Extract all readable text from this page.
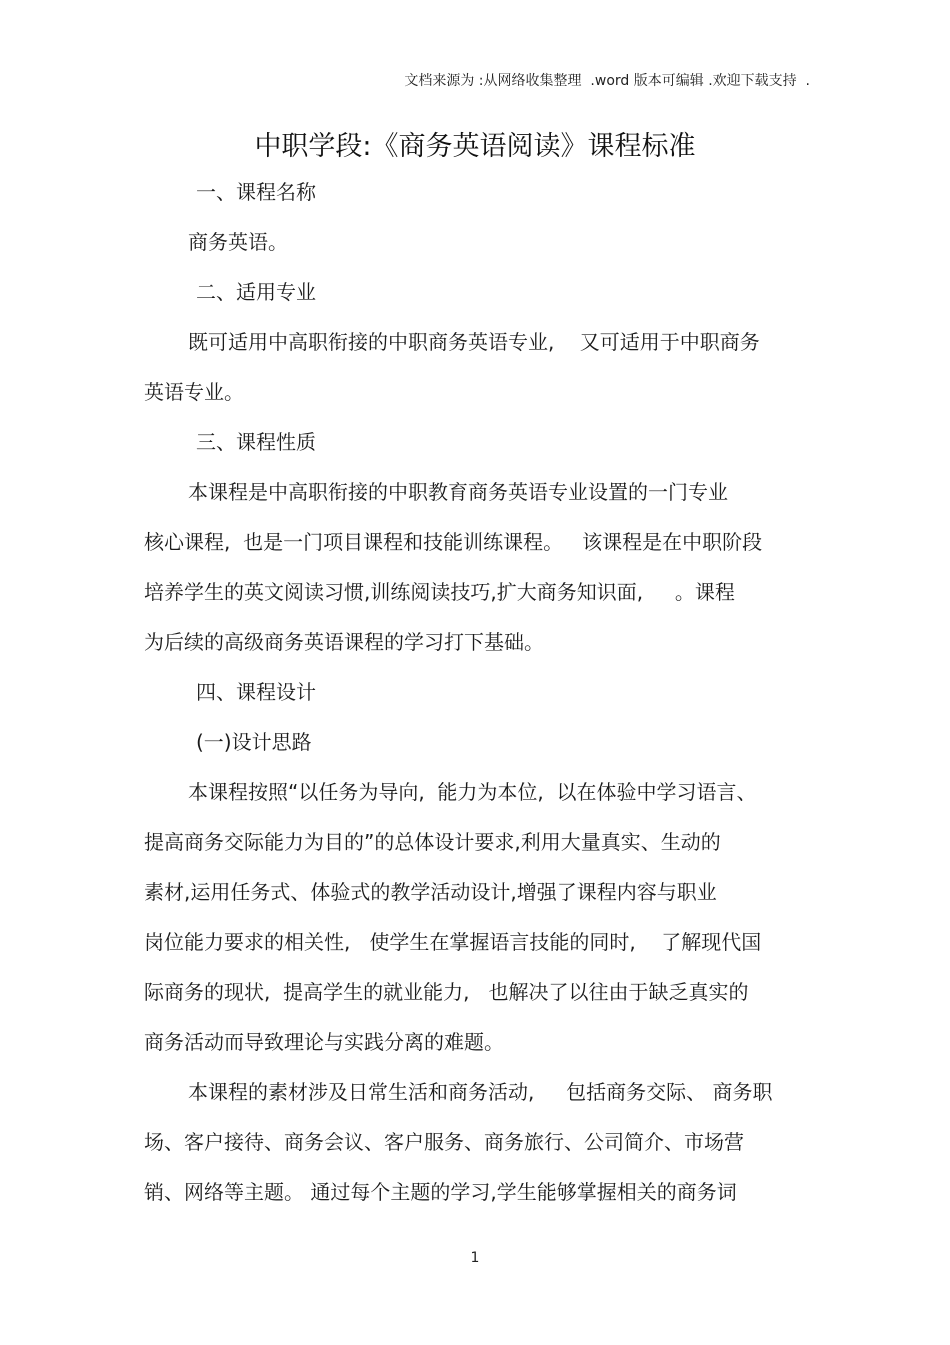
文档来源为 :从网络收集整理  .word 版本可编辑 .欢迎下载支持  .
中职学段:《商务英语阅读》课程标准
一、课程名称
商务英语。
二、适用专业
既可适用中高职衔接的中职商务英语专业,    又可适用于中职商务
英语专业。
三、课程性质
本课程是中高职衔接的中职教育商务英语专业设置的一门专业
核心课程,  也是一门项目课程和技能训练课程。   该课程是在中职阶段
培养学生的英文阅读习惯,训练阅读技巧,扩大商务知识面,     。课程
为后续的高级商务英语课程的学习打下基础。
四、课程设计
(一)设计思路
本课程按照“以任务为导向,  能力为本位,  以在体验中学习语言、
提高商务交际能力为目的”的总体设计要求,利用大量真实、生动的
素材,运用任务式、体验式的教学活动设计,增强了课程内容与职业
岗位能力要求的相关性,   使学生在掌握语言技能的同时,    了解现代国
际商务的现状,  提高学生的就业能力,   也解决了以往由于缺乏真实的
商务活动而导致理论与实践分离的难题。
本课程的素材涉及日常生活和商务活动,     包括商务交际、 商务职
场、客户接待、商务会议、客户服务、商务旅行、公司简介、市场营
销、网络等主题。 通过每个主题的学习,学生能够掌握相关的商务词
1
